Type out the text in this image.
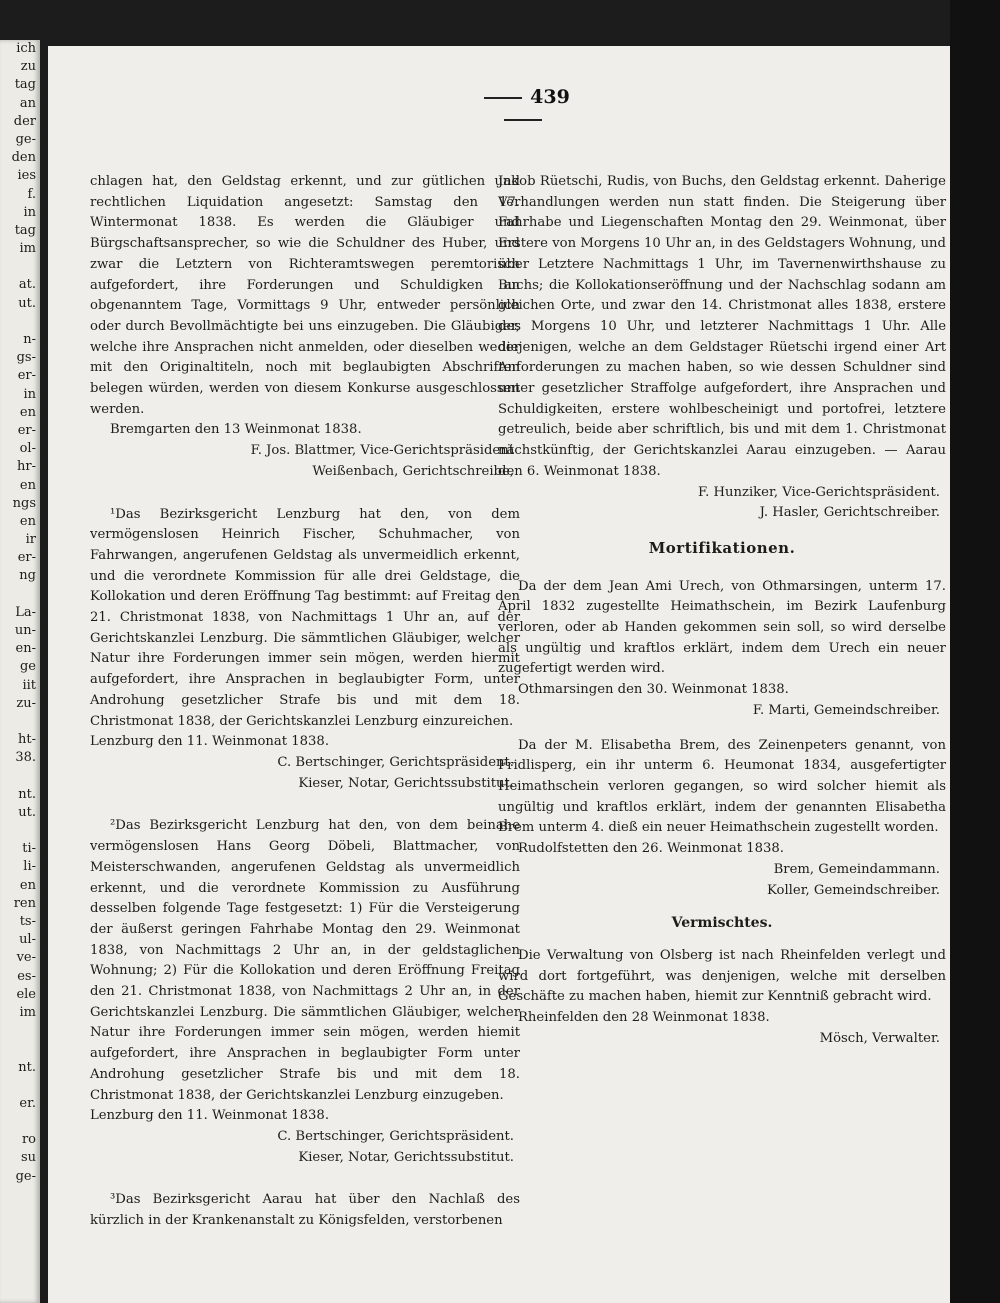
ich
zu
tag
an
der
ge-
den
ies
f.
in
tag
im
at.
ut.
n-
gs-
er-
in
en
er-
ol-
hr-
en
ngs
en
ir
er-
ng
La-
un-
en-
ge
iit
zu-
ht-
38.
nt.
ut.
ti-
li-
en
ren
ts-
ul-
ve-
es-
ele
im
nt.
er.
ro
su
ge-
439

chlagen hat, den Geldstag erkennt, und zur gütlichen und rechtlichen Liquidation angesetzt: Samstag den 17. Wintermonat 1838. Es werden die Gläubiger und Bürgschaftsansprecher, so wie die Schuldner des Huber, und zwar die Letztern von Richteramtswegen peremtorisch aufgefordert, ihre Forderungen und Schuldigken an obgenanntem Tage, Vormittags 9 Uhr, entweder persönlich oder durch Bevollmächtigte bei uns einzugeben. Die Gläubiger, welche ihre Ansprachen nicht anmelden, oder dieselben weder mit den Originaltiteln, noch mit beglaubigten Abschriften belegen würden, werden von diesem Konkurse ausgeschlossen werden.

Bremgarten den 13 Weinmonat 1838.

F. Jos. Blattmer, Vice-Gerichtspräsident

Weißenbach, Gerichtschreibe,

¹Das Bezirksgericht Lenzburg hat den, von dem vermögenslosen Heinrich Fischer, Schuhmacher, von Fahrwangen, angerufenen Geldstag als unvermeidlich erkennt, und die verordnete Kommission für alle drei Geldstage, die Kollokation und deren Eröffnung Tag bestimmt: auf Freitag den 21. Christmonat 1838, von Nachmittags 1 Uhr an, auf der Gerichtskanzlei Lenzburg. Die sämmtlichen Gläubiger, welcher Natur ihre Forderungen immer sein mögen, werden hiermit aufgefordert, ihre Ansprachen in beglaubigter Form, unter Androhung gesetzlicher Strafe bis und mit dem 18. Christmonat 1838, der Gerichtskanzlei Lenzburg einzureichen.

Lenzburg den 11. Weinmonat 1838.

C. Bertschinger, Gerichtspräsident.

Kieser, Notar, Gerichtssubstitut.

²Das Bezirksgericht Lenzburg hat den, von dem beinahe vermögenslosen Hans Georg Döbeli, Blattmacher, von Meisterschwanden, angerufenen Geldstag als unvermeidlich erkennt, und die verordnete Kommission zu Ausführung desselben folgende Tage festgesetzt: 1) Für die Versteigerung der äußerst geringen Fahrhabe Montag den 29. Weinmonat 1838, von Nachmittags 2 Uhr an, in der geldstaglichen Wohnung; 2) Für die Kollokation und deren Eröffnung Freitag den 21. Christmonat 1838, von Nachmittags 2 Uhr an, in der Gerichtskanzlei Lenzburg. Die sämmtlichen Gläubiger, welcher Natur ihre Forderungen immer sein mögen, werden hiemit aufgefordert, ihre Ansprachen in beglaubigter Form unter Androhung gesetzlicher Strafe bis und mit dem 18. Christmonat 1838, der Gerichtskanzlei Lenzburg einzugeben.

Lenzburg den 11. Weinmonat 1838.

C. Bertschinger, Gerichtspräsident.

Kieser, Notar, Gerichtssubstitut.

³Das Bezirksgericht Aarau hat über den Nachlaß des kürzlich in der Krankenanstalt zu Königsfelden, verstorbenen

Jakob Rüetschi, Rudis, von Buchs, den Geldstag erkennt. Daherige Verhandlungen werden nun statt finden. Die Steigerung über Fahrhabe und Liegenschaften Montag den 29. Weinmonat, über Erstere von Morgens 10 Uhr an, in des Geldstagers Wohnung, und über Letztere Nachmittags 1 Uhr, im Tavernenwirthshause zu Buchs; die Kollokationseröffnung und der Nachschlag sodann am gleichen Orte, und zwar den 14. Christmonat alles 1838, erstere des Morgens 10 Uhr, und letzterer Nachmittags 1 Uhr. Alle diejenigen, welche an dem Geldstager Rüetschi irgend einer Art Anforderungen zu machen haben, so wie dessen Schuldner sind unter gesetzlicher Straffolge aufgefordert, ihre Ansprachen und Schuldigkeiten, erstere wohlbescheinigt und portofrei, letztere getreulich, beide aber schriftlich, bis und mit dem 1. Christmonat nächstkünftig, der Gerichtskanzlei Aarau einzugeben. — Aarau den 6. Weinmonat 1838.

F. Hunziker, Vice-Gerichtspräsident.

J. Hasler, Gerichtschreiber.

Mortifikationen.

Da der dem Jean Ami Urech, von Othmarsingen, unterm 17. April 1832 zugestellte Heimathschein, im Bezirk Laufenburg verloren, oder ab Handen gekommen sein soll, so wird derselbe als ungültig und kraftlos erklärt, indem dem Urech ein neuer zugefertigt werden wird.

Othmarsingen den 30. Weinmonat 1838.

F. Marti, Gemeindschreiber.

Da der M. Elisabetha Brem, des Zeinenpeters genannt, von Fridlisperg, ein ihr unterm 6. Heumonat 1834, ausgefertigter Heimathschein verloren gegangen, so wird solcher hiemit als ungültig und kraftlos erklärt, indem der genannten Elisabetha Brem unterm 4. dieß ein neuer Heimathschein zugestellt worden.

Rudolfstetten den 26. Weinmonat 1838.

Brem, Gemeindammann.

Koller, Gemeindschreiber.

Vermischtes.

Die Verwaltung von Olsberg ist nach Rheinfelden verlegt und wird dort fortgeführt, was denjenigen, welche mit derselben Geschäfte zu machen haben, hiemit zur Kenntniß gebracht wird.

Rheinfelden den 28 Weinmonat 1838.

Mösch, Verwalter.
